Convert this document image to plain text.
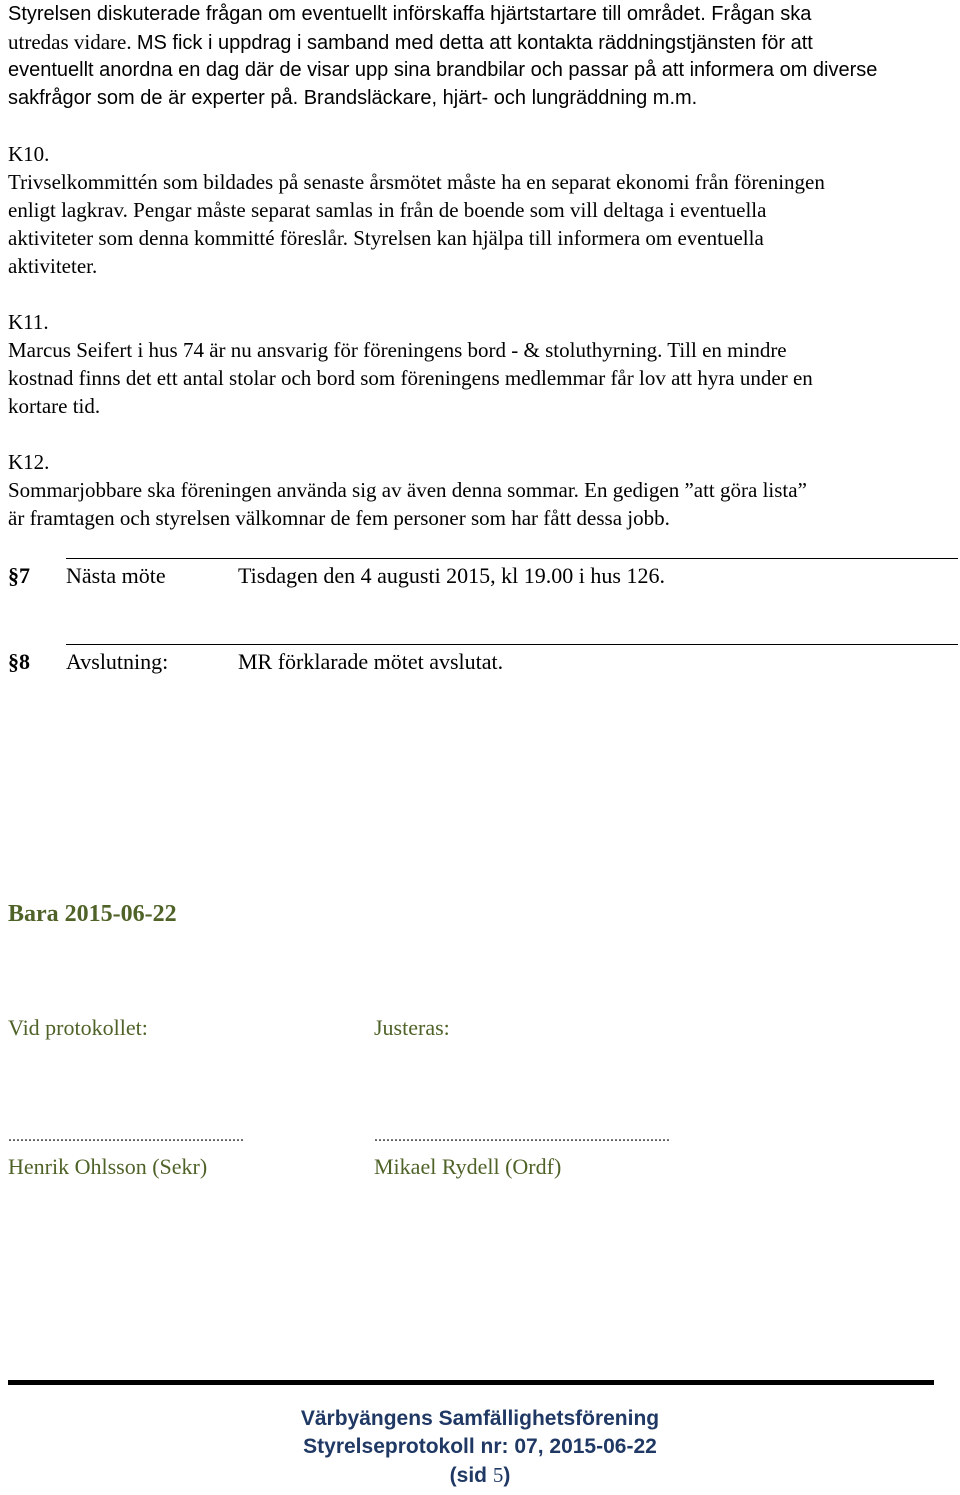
Styrelsen diskuterade frågan om eventuellt införskaffa hjärtstartare till området. Frågan ska
utredas vidare. MS fick i uppdrag i samband med detta att kontakta räddningstjänsten för att
eventuellt anordna en dag där de visar upp sina brandbilar och passar på att informera om diverse
sakfrågor som de är experter på. Brandsläckare, hjärt- och lungräddning m.m.
K10.
Trivselkommittén som bildades på senaste årsmötet måste ha en separat ekonomi från föreningen
enligt lagkrav. Pengar måste separat samlas in från de boende som vill deltaga i eventuella
aktiviteter som denna kommitté föreslår. Styrelsen kan hjälpa till informera om eventuella
aktiviteter.
K11.
Marcus Seifert i hus 74 är nu ansvarig för föreningens bord - & stoluthyrning. Till en mindre
kostnad finns det ett antal stolar och bord som föreningens medlemmar får lov att hyra under en
kortare tid.
K12.
Sommarjobbare ska föreningen använda sig av även denna sommar. En gedigen ”att göra lista”
är framtagen och styrelsen välkomnar de fem personer som har fått dessa jobb.
§7 Nästa möte	Tisdagen den 4 augusti 2015, kl 19.00 i hus 126.
§8 Avslutning:	MR förklarade mötet avslutat.
Bara 2015-06-22
Vid protokollet:	Justeras:
...........................................................	..........................................................................
Henrik Ohlsson (Sekr)	Mikael Rydell (Ordf)
Värbyängens Samfällighetsförening
Styrelseprotokoll nr: 07, 2015-06-22
(sid 5)
